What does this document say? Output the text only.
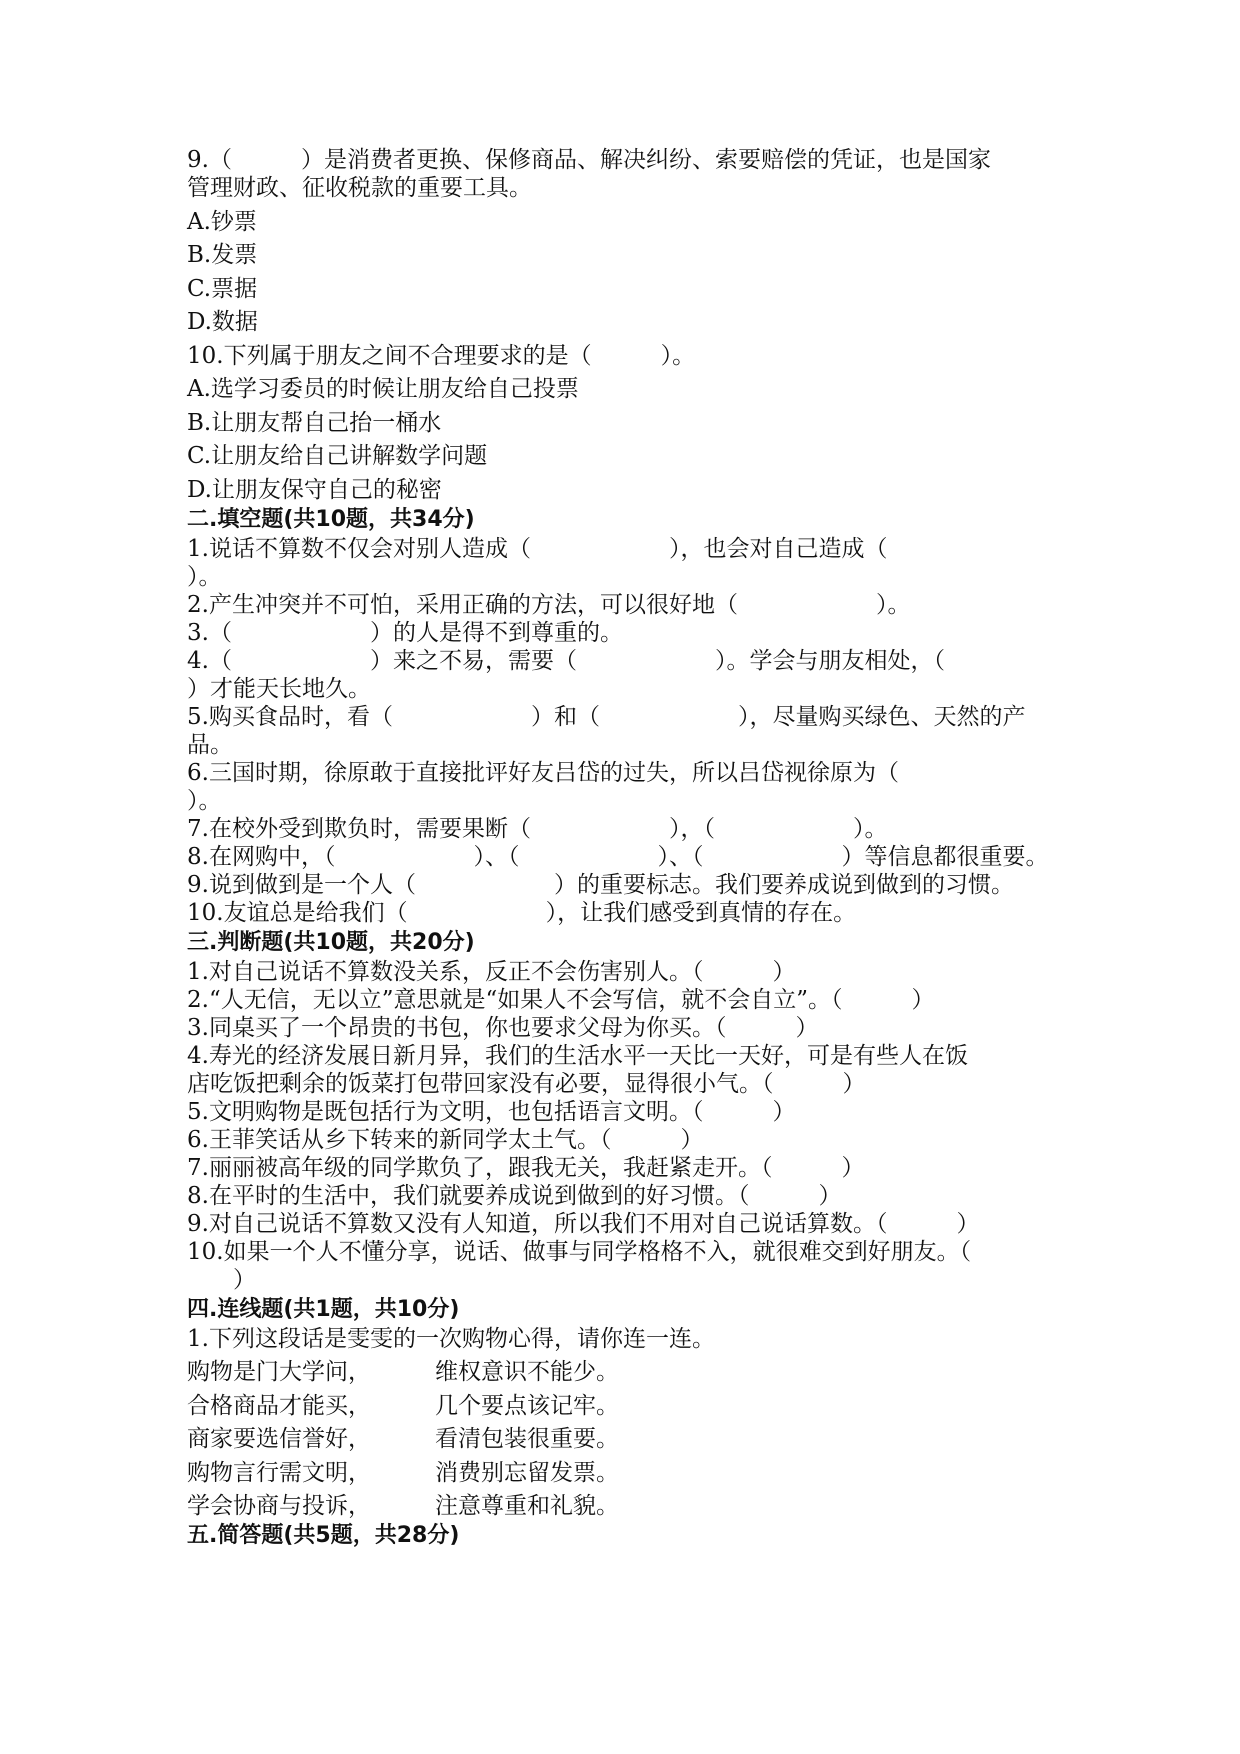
9.（　　　）是消费者更换、保修商品、解决纠纷、索要赔偿的凭证，也是国家

管理财政、征收税款的重要工具。

A.钞票

B.发票

C.票据

D.数据

10.下列属于朋友之间不合理要求的是（　　　）。

A.选学习委员的时候让朋友给自己投票

B.让朋友帮自己抬一桶水

C.让朋友给自己讲解数学问题

D.让朋友保守自己的秘密

二.填空题(共10题，共34分)

1.说话不算数不仅会对别人造成（　　　　　　），也会对自己造成（

）。

2.产生冲突并不可怕，采用正确的方法，可以很好地（　　　　　　）。

3.（　　　　　　）的人是得不到尊重的。

4.（　　　　　　）来之不易，需要（　　　　　　）。学会与朋友相处，（

）才能天长地久。

5.购买食品时，看（　　　　　　）和（　　　　　　），尽量购买绿色、天然的产

品。

6.三国时期，徐原敢于直接批评好友吕岱的过失，所以吕岱视徐原为（

）。

7.在校外受到欺负时，需要果断（　　　　　　），（　　　　　　）。

8.在网购中，（　　　　　　）、（　　　　　　）、（　　　　　　）等信息都很重要。

9.说到做到是一个人（　　　　　　）的重要标志。我们要养成说到做到的习惯。

10.友谊总是给我们（　　　　　　），让我们感受到真情的存在。

三.判断题(共10题，共20分)

1.对自己说话不算数没关系，反正不会伤害别人。（　　　）

2.“人无信，无以立”意思就是“如果人不会写信，就不会自立”。（　　　）

3.同桌买了一个昂贵的书包，你也要求父母为你买。（　　　）

4.寿光的经济发展日新月异，我们的生活水平一天比一天好，可是有些人在饭

店吃饭把剩余的饭菜打包带回家没有必要，显得很小气。（　　　）

5.文明购物是既包括行为文明，也包括语言文明。（　　　）

6.王菲笑话从乡下转来的新同学太土气。（　　　）

7.丽丽被高年级的同学欺负了，跟我无关，我赶紧走开。（　　　）

8.在平时的生活中，我们就要养成说到做到的好习惯。（　　　）

9.对自己说话不算数又没有人知道，所以我们不用对自己说话算数。（　　　）

10.如果一个人不懂分享，说话、做事与同学格格不入，就很难交到好朋友。（

　　）

四.连线题(共1题，共10分)

1.下列这段话是雯雯的一次购物心得，请你连一连。

购物是门大学问，	维权意识不能少。
合格商品才能买，	几个要点该记牢。
商家要选信誉好，	看清包装很重要。
购物言行需文明，	消费别忘留发票。
学会协商与投诉，	注意尊重和礼貌。

五.简答题(共5题，共28分)
